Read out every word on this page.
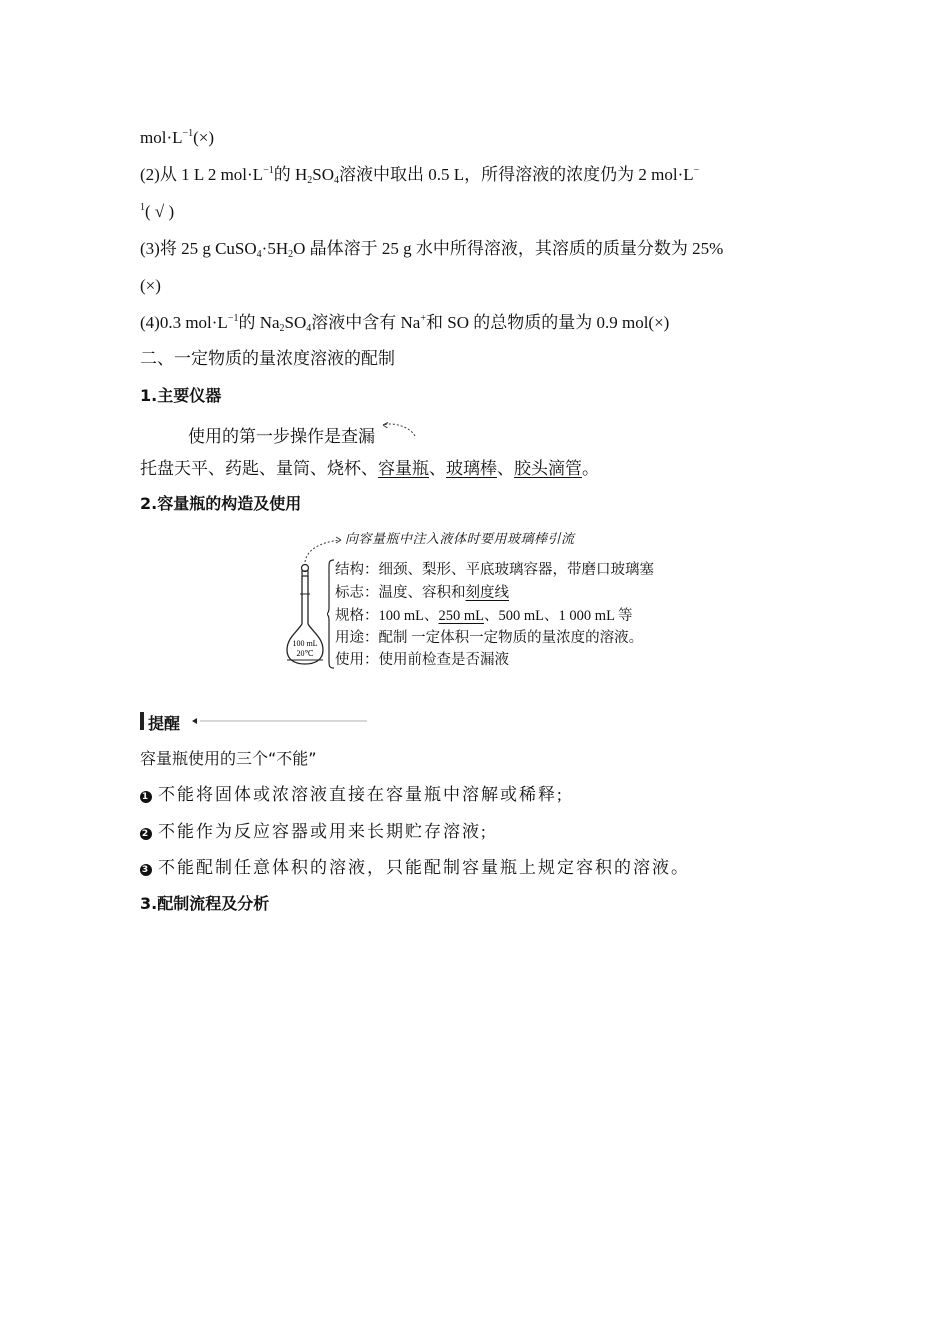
$mol\cdot L^{-1}(\times)$
(2)从 1 L 2 $mol\cdot L^{-1}$的 $H_2SO_4$溶液中取出 0.5 L，所得溶液的浓度仍为 2 mol·L−
$^1$( √ )
(3)将 25 g $CuSO_4\cdot 5H_2O$ 晶体溶于 25 g 水中所得溶液，其溶质的质量分数为 25%
(×)
(4)0.3 $mol\cdot L^{-1}$的 $Na_2SO_4$溶液中含有 Na+和 SO 的总物质的量为 0.9 mol(×)
二、一定物质的量浓度溶液的配制
1.主要仪器
使用的第一步操作是查漏
托盘天平、药匙、量筒、烧杯、容量瓶、玻璃棒、胶头滴管。
2.容量瓶的构造及使用
100 mL
20℃
向容量瓶中注入液体时要用玻璃棒引流
结构：细颈、梨形、平底玻璃容器，带磨口玻璃塞
标志：温度、容积和刻度线
规格：100 mL、250 mL、500 mL、1 000 mL 等
用途：配制 一定体积一定物质的量浓度的溶液。
使用：使用前检查是否漏液
提醒
容量瓶使用的三个“不能”
1 不能将固体或浓溶液直接在容量瓶中溶解或稀释;
2 不能作为反应容器或用来长期贮存溶液;
3 不能配制任意体积的溶液，只能配制容量瓶上规定容积的溶液。
3.配制流程及分析
